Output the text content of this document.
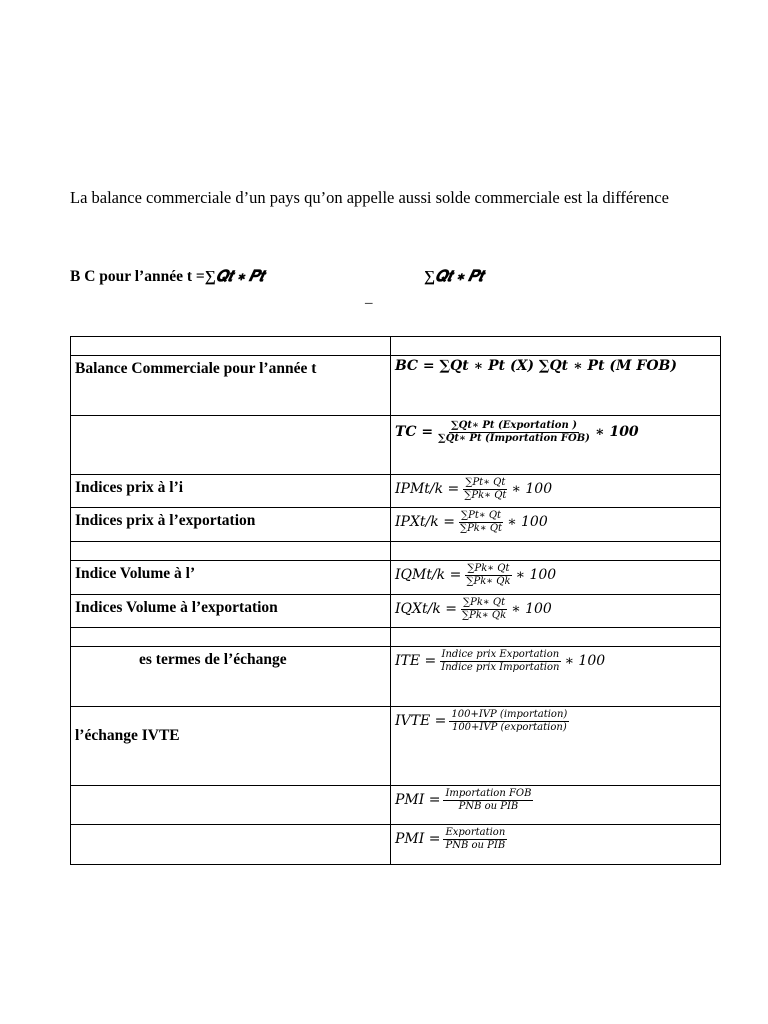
La balance commerciale d’un pays qu’on appelle aussi solde commerciale est la différence
B C pour l’année t =∑𝑸𝒕 ∗ 𝑷𝒕	∑𝑸𝒕 ∗ 𝑷𝒕
–

Balance Commerciale pour l’année t	𝑩𝑪 = ∑𝑸𝒕 ∗ 𝑷𝒕 (𝑿) ∑𝑸𝒕 ∗ 𝑷𝒕 (𝑴 𝑭𝑶𝑩)

	TC = $\frac{\text{∑Qt∗ Pt (Exportation )}}{\text{∑Qt∗ Pt (Importation FOB)}}$ ∗ 100

Indices prix à l’i	IPMt/k = $\frac{\sum Pt∗ Qt}{\sum Pk∗ Qt}$ ∗ 100

Indices prix à l’exportation	IPXt/k = $\frac{\sum Pt∗ Qt}{\sum Pk∗ Qt}$ ∗ 100

Indice Volume à l’	IQMt/k = $\frac{\sum Pk∗ Qt}{\sum Pk∗ Qk}$ ∗ 100

Indices Volume à l’exportation	IQXt/k = $\frac{\sum Pk∗ Qt}{\sum Pk∗ Qk}$ ∗ 100

es termes de l’échange	ITE = $\frac{\text{Indice prix Exportation}}{\text{Indice prix Importation}}$ ∗ 100

l’échange IVTE	IVTE = $\frac{\text{100+IVP (importation)}}{\text{100+IVP (exportation)}}$

	PMI = $\frac{\text{Importation FOB}}{\text{PNB ou PIB}}$

	PMI = $\frac{\text{Exportation}}{\text{PNB ou PIB}}$
